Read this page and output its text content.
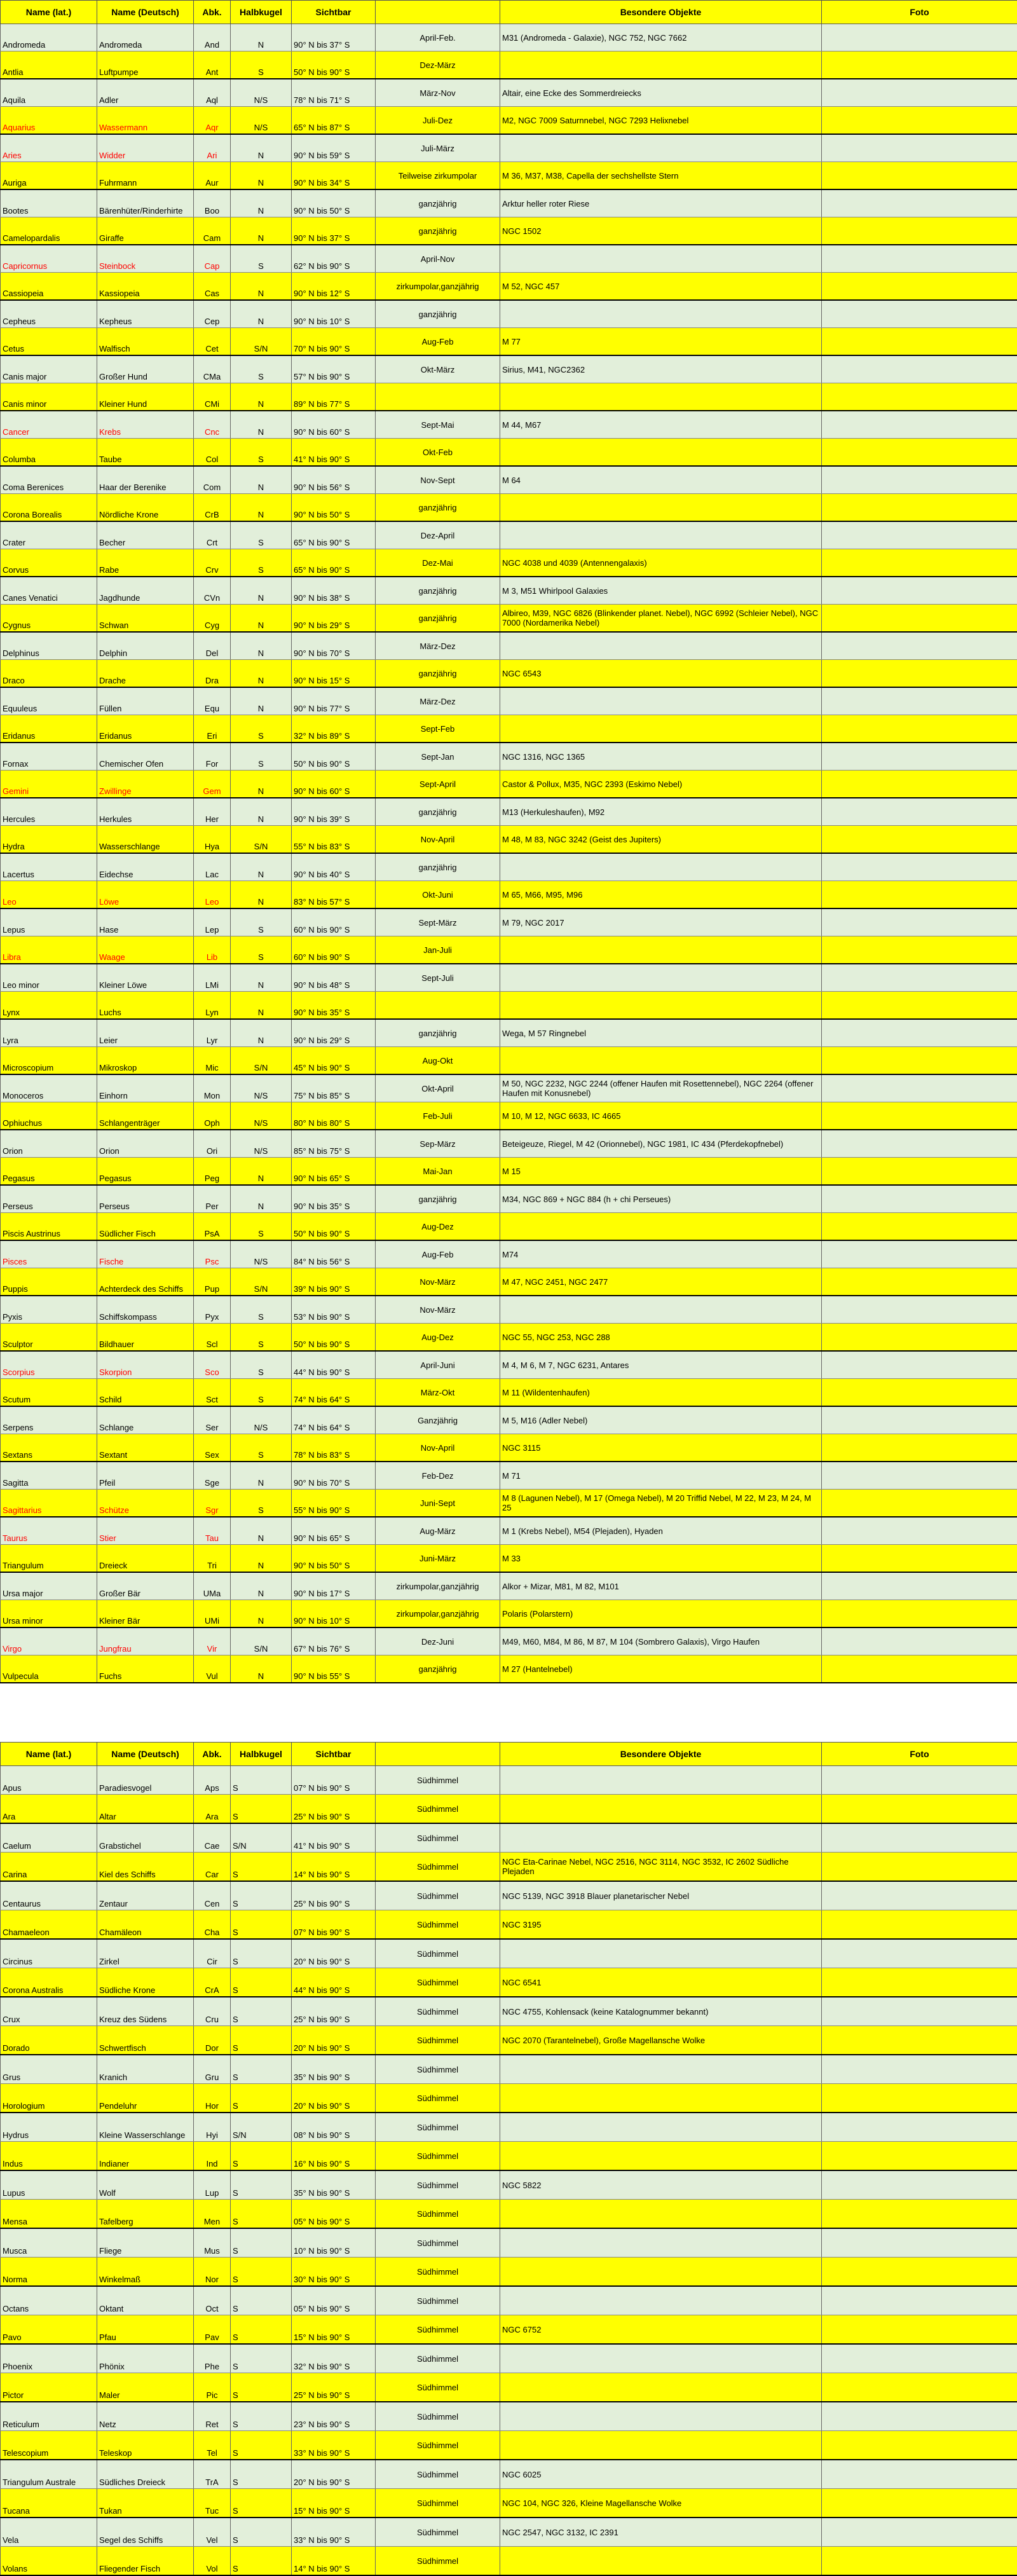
Name (lat.)	Name (Deutsch)	Abk.	Halbkugel	Sichtbar		Besondere Objekte	Foto
Andromeda	Andromeda	And	N	90° N bis 37° S	April-Feb.	M31 (Andromeda - Galaxie), NGC 752, NGC 7662	
Antlia	Luftpumpe	Ant	S	50° N bis 90° S	Dez-März		
Aquila	Adler	Aql	N/S	78° N bis 71° S	März-Nov	Altair, eine Ecke des Sommerdreiecks	
Aquarius	Wassermann	Aqr	N/S	65° N bis 87° S	Juli-Dez	M2, NGC 7009 Saturnnebel, NGC 7293 Helixnebel	
Aries	Widder	Ari	N	90° N bis 59° S	Juli-März		
Auriga	Fuhrmann	Aur	N	90° N bis 34° S	Teilweise zirkumpolar	M 36, M37, M38, Capella der sechshellste Stern	
Bootes	Bärenhüter/Rinderhirte	Boo	N	90° N bis 50° S	ganzjährig	Arktur heller roter Riese	
Camelopardalis	Giraffe	Cam	N	90° N bis 37° S	ganzjährig	NGC 1502	
Capricornus	Steinbock	Cap	S	62° N bis 90° S	April-Nov		
Cassiopeia	Kassiopeia	Cas	N	90° N bis 12° S	zirkumpolar,ganzjährig	M 52, NGC 457	
Cepheus	Kepheus	Cep	N	90° N bis 10° S	ganzjährig		
Cetus	Walfisch	Cet	S/N	70° N bis 90° S	Aug-Feb	M 77	
Canis major	Großer Hund	CMa	S	57° N bis 90° S	Okt-März	Sirius, M41, NGC2362	
Canis minor	Kleiner Hund	CMi	N	89° N bis 77° S			
Cancer	Krebs	Cnc	N	90° N bis 60° S	Sept-Mai	M 44, M67	
Columba	Taube	Col	S	41° N bis 90° S	Okt-Feb		
Coma Berenices	Haar der Berenike	Com	N	90° N bis 56° S	Nov-Sept	M 64	
Corona Borealis	Nördliche Krone	CrB	N	90° N bis 50° S	ganzjährig		
Crater	Becher	Crt	S	65° N bis 90° S	Dez-April		
Corvus	Rabe	Crv	S	65° N bis 90° S	Dez-Mai	NGC 4038 und 4039 (Antennengalaxis)	
Canes Venatici	Jagdhunde	CVn	N	90° N bis 38° S	ganzjährig	M 3, M51 Whirlpool Galaxies	
Cygnus	Schwan	Cyg	N	90° N bis 29° S	ganzjährig	Albireo, M39, NGC 6826 (Blinkender planet. Nebel), NGC 6992 (Schleier Nebel), NGC 7000 (Nordamerika Nebel)	
Delphinus	Delphin	Del	N	90° N bis 70° S	März-Dez		
Draco	Drache	Dra	N	90° N bis 15° S	ganzjährig	NGC 6543	
Equuleus	Füllen	Equ	N	90° N bis 77° S	März-Dez		
Eridanus	Eridanus	Eri	S	32° N bis 89° S	Sept-Feb		
Fornax	Chemischer Ofen	For	S	50° N bis 90° S	Sept-Jan	NGC 1316, NGC 1365	
Gemini	Zwillinge	Gem	N	90° N bis 60° S	Sept-April	Castor & Pollux, M35, NGC 2393 (Eskimo Nebel)	
Hercules	Herkules	Her	N	90° N bis 39° S	ganzjährig	M13 (Herkuleshaufen), M92	
Hydra	Wasserschlange	Hya	S/N	55° N bis 83° S	Nov-April	M 48, M 83, NGC 3242 (Geist des Jupiters)	
Lacertus	Eidechse	Lac	N	90° N bis 40° S	ganzjährig		
Leo	Löwe	Leo	N	83° N bis 57° S	Okt-Juni	M 65, M66, M95, M96	
Lepus	Hase	Lep	S	60° N bis 90° S	Sept-März	M 79, NGC 2017	
Libra	Waage	Lib	S	60° N bis 90° S	Jan-Juli		
Leo minor	Kleiner Löwe	LMi	N	90° N bis 48° S	Sept-Juli		
Lynx	Luchs	Lyn	N	90° N bis 35° S			
Lyra	Leier	Lyr	N	90° N bis 29° S	ganzjährig	Wega, M 57 Ringnebel	
Microscopium	Mikroskop	Mic	S/N	45° N bis 90° S	Aug-Okt		
Monoceros	Einhorn	Mon	N/S	75° N bis 85° S	Okt-April	M 50, NGC 2232, NGC 2244 (offener Haufen mit Rosettennebel), NGC 2264 (offener Haufen mit Konusnebel)	
Ophiuchus	Schlangenträger	Oph	N/S	80° N bis 80° S	Feb-Juli	M 10, M 12, NGC 6633, IC 4665	
Orion	Orion	Ori	N/S	85° N bis 75° S	Sep-März	Beteigeuze, Riegel, M 42 (Orionnebel), NGC 1981, IC 434 (Pferdekopfnebel)	
Pegasus	Pegasus	Peg	N	90° N bis 65° S	Mai-Jan	M 15	
Perseus	Perseus	Per	N	90° N bis 35° S	ganzjährig	M34, NGC 869 + NGC 884 (h + chi Perseues)	
Piscis Austrinus	Südlicher Fisch	PsA	S	50° N bis 90° S	Aug-Dez		
Pisces	Fische	Psc	N/S	84° N bis 56° S	Aug-Feb	M74	
Puppis	Achterdeck des Schiffs	Pup	S/N	39° N bis 90° S	Nov-März	M 47, NGC 2451, NGC 2477	
Pyxis	Schiffskompass	Pyx	S	53° N bis 90° S	Nov-März		
Sculptor	Bildhauer	Scl	S	50° N bis 90° S	Aug-Dez	NGC 55, NGC 253, NGC 288	
Scorpius	Skorpion	Sco	S	44° N bis 90° S	April-Juni	M 4, M 6, M 7, NGC 6231, Antares	
Scutum	Schild	Sct	S	74° N bis 64° S	März-Okt	M 11 (Wildentenhaufen)	
Serpens	Schlange	Ser	N/S	74° N bis 64° S	Ganzjährig	M 5, M16 (Adler Nebel)	
Sextans	Sextant	Sex	S	78° N bis 83° S	Nov-April	NGC 3115	
Sagitta	Pfeil	Sge	N	90° N bis 70° S	Feb-Dez	M 71	
Sagittarius	Schütze	Sgr	S	55° N bis 90° S	Juni-Sept	M 8 (Lagunen Nebel), M 17 (Omega Nebel), M 20 Triffid Nebel, M 22, M 23, M 24, M 25	
Taurus	Stier	Tau	N	90° N bis 65° S	Aug-März	M 1 (Krebs Nebel), M54 (Plejaden), Hyaden	
Triangulum	Dreieck	Tri	N	90° N bis 50° S	Juni-März	M 33	
Ursa major	Großer Bär	UMa	N	90° N bis 17° S	zirkumpolar,ganzjährig	Alkor + Mizar, M81, M 82, M101	
Ursa minor	Kleiner Bär	UMi	N	90° N bis 10° S	zirkumpolar,ganzjährig	Polaris (Polarstern)	
Virgo	Jungfrau	Vir	S/N	67° N bis 76° S	Dez-Juni	M49, M60, M84, M 86, M 87, M 104 (Sombrero Galaxis), Virgo Haufen	
Vulpecula	Fuchs	Vul	N	90° N bis 55° S	ganzjährig	M 27 (Hantelnebel)	
Name (lat.)	Name (Deutsch)	Abk.	Halbkugel	Sichtbar		Besondere Objekte	Foto
Apus	Paradiesvogel	Aps	S	07° N bis 90° S	Südhimmel		
Ara	Altar	Ara	S	25° N bis 90° S	Südhimmel		
Caelum	Grabstichel	Cae	S/N	41° N bis 90° S	Südhimmel		
Carina	Kiel des Schiffs	Car	S	14° N bis 90° S	Südhimmel	NGC Eta-Carinae Nebel, NGC 2516, NGC 3114, NGC 3532, IC 2602 Südliche Plejaden	
Centaurus	Zentaur	Cen	S	25° N bis 90° S	Südhimmel	NGC 5139, NGC 3918 Blauer planetarischer Nebel	
Chamaeleon	Chamäleon	Cha	S	07° N bis 90° S	Südhimmel	NGC 3195	
Circinus	Zirkel	Cir	S	20° N bis 90° S	Südhimmel		
Corona Australis	Südliche Krone	CrA	S	44° N bis 90° S	Südhimmel	NGC 6541	
Crux	Kreuz des Südens	Cru	S	25° N bis 90° S	Südhimmel	NGC 4755, Kohlensack (keine Katalognummer bekannt)	
Dorado	Schwertfisch	Dor	S	20° N bis 90° S	Südhimmel	NGC 2070 (Tarantelnebel), Große Magellansche Wolke	
Grus	Kranich	Gru	S	35° N bis 90° S	Südhimmel		
Horologium	Pendeluhr	Hor	S	20° N bis 90° S	Südhimmel		
Hydrus	Kleine Wasserschlange	Hyi	S/N	08° N bis 90° S	Südhimmel		
Indus	Indianer	Ind	S	16° N bis 90° S	Südhimmel		
Lupus	Wolf	Lup	S	35° N bis 90° S	Südhimmel	NGC 5822	
Mensa	Tafelberg	Men	S	05° N bis 90° S	Südhimmel		
Musca	Fliege	Mus	S	10° N bis 90° S	Südhimmel		
Norma	Winkelmaß	Nor	S	30° N bis 90° S	Südhimmel		
Octans	Oktant	Oct	S	05° N bis 90° S	Südhimmel		
Pavo	Pfau	Pav	S	15° N bis 90° S	Südhimmel	NGC 6752	
Phoenix	Phönix	Phe	S	32° N bis 90° S	Südhimmel		
Pictor	Maler	Pic	S	25° N bis 90° S	Südhimmel		
Reticulum	Netz	Ret	S	23° N bis 90° S	Südhimmel		
Telescopium	Teleskop	Tel	S	33° N bis 90° S	Südhimmel		
Triangulum Australe	Südliches Dreieck	TrA	S	20° N bis 90° S	Südhimmel	NGC 6025	
Tucana	Tukan	Tuc	S	15° N bis 90° S	Südhimmel	NGC 104, NGC 326, Kleine Magellansche Wolke	
Vela	Segel des Schiffs	Vel	S	33° N bis 90° S	Südhimmel	NGC 2547, NGC 3132, IC 2391	
Volans	Fliegender Fisch	Vol	S	14° N bis 90° S	Südhimmel		
